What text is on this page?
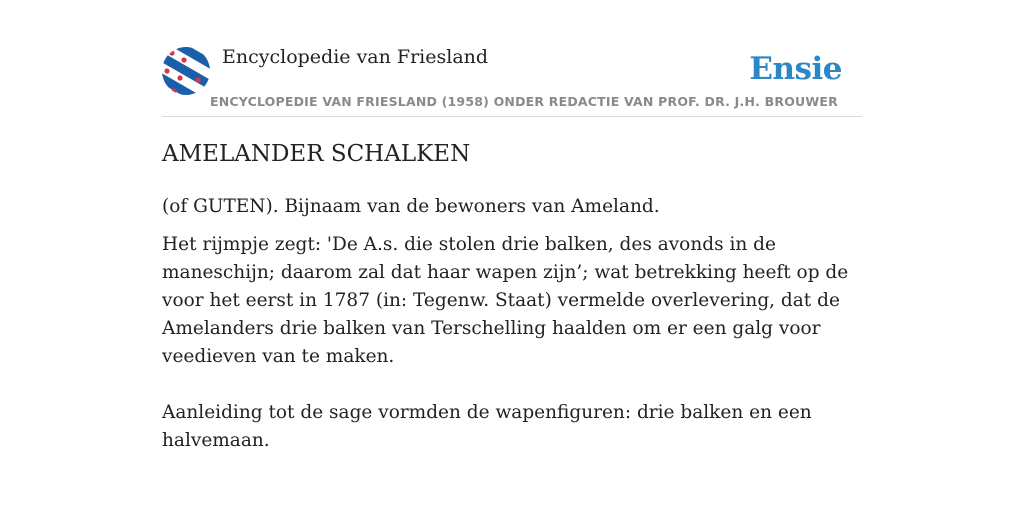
Encyclopedie van Friesland	Ensie
ENCYCLOPEDIE VAN FRIESLAND (1958) ONDER REDACTIE VAN PROF. DR. J.H. BROUWER
AMELANDER SCHALKEN

(of GUTEN). Bijnaam van de bewoners van Ameland.

Het rijmpje zegt: 'De A.s. die stolen drie balken, des avonds in de maneschijn; daarom zal dat haar wapen zijn’; wat betrekking heeft op de voor het eerst in 1787 (in: Tegenw. Staat) vermelde overlevering, dat de Amelanders drie balken van Terschelling haalden om er een galg voor veedieven van te maken.

Aanleiding tot de sage vormden de wapenfiguren: drie balken en een halvemaan.
